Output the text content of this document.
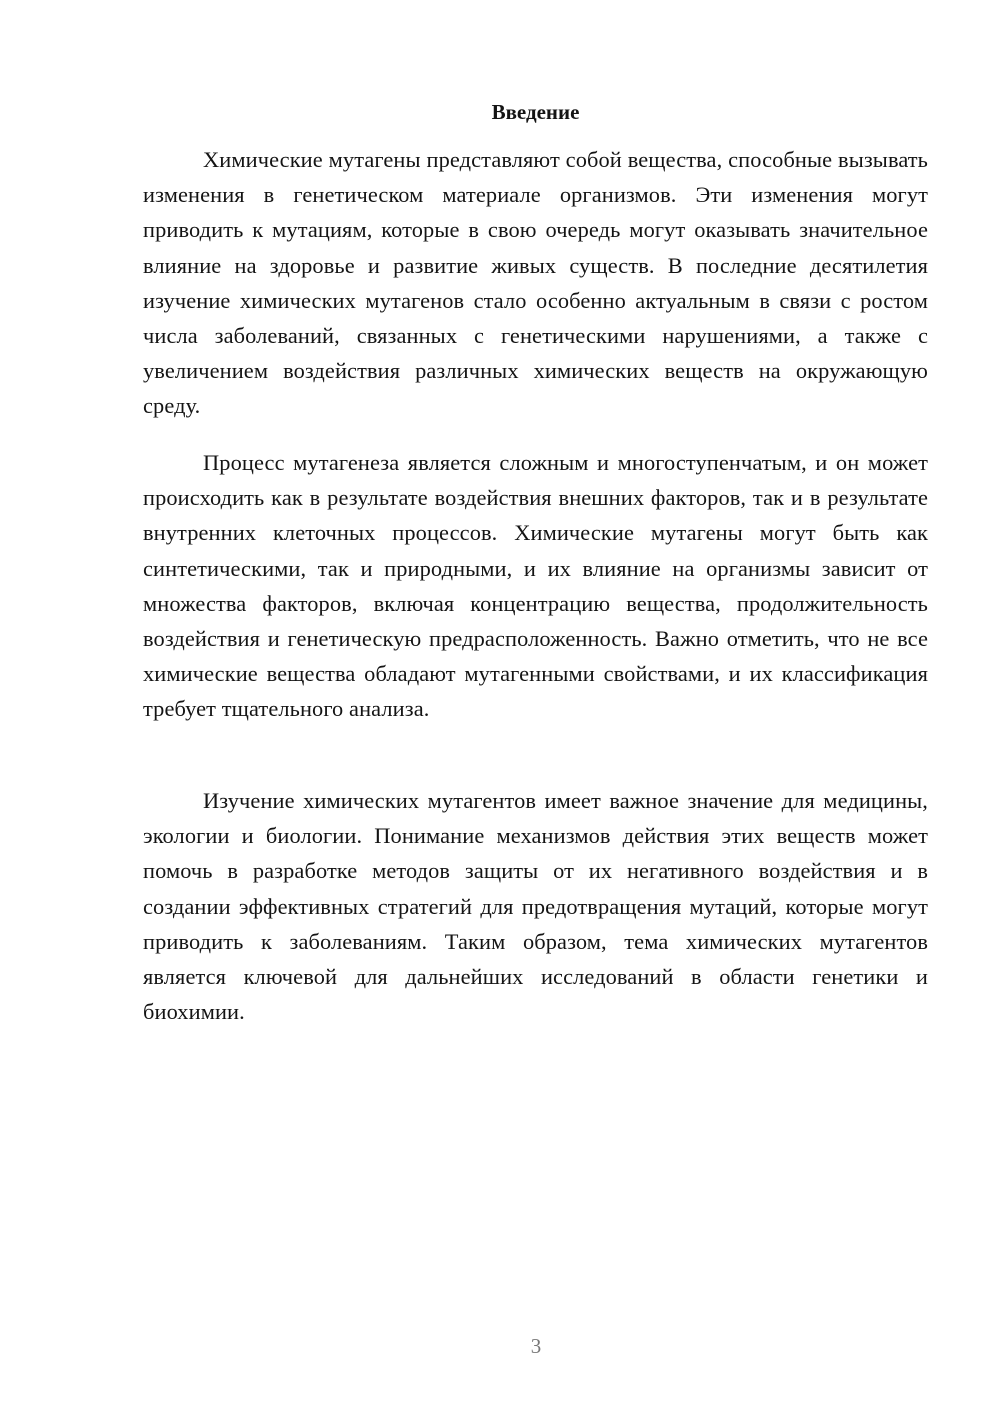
Введение

Химические мутагены представляют собой вещества, способные вызывать изменения в генетическом материале организмов. Эти изменения могут приводить к мутациям, которые в свою очередь могут оказывать значительное влияние на здоровье и развитие живых существ. В последние десятилетия изучение химических мутагенов стало особенно актуальным в связи с ростом числа заболеваний, связанных с генетическими нарушениями, а также с увеличением воздействия различных химических веществ на окружающую среду.

Процесс мутагенеза является сложным и многоступенчатым, и он может происходить как в результате воздействия внешних факторов, так и в результате внутренних клеточных процессов. Химические мутагены могут быть как синтетическими, так и природными, и их влияние на организмы зависит от множества факторов, включая концентрацию вещества, продолжительность воздействия и генетическую предрасположенность. Важно отметить, что не все химические вещества обладают мутагенными свойствами, и их классификация требует тщательного анализа.

Изучение химических мутагентов имеет важное значение для медицины, экологии и биологии. Понимание механизмов действия этих веществ может помочь в разработке методов защиты от их негативного воздействия и в создании эффективных стратегий для предотвращения мутаций, которые могут приводить к заболеваниям. Таким образом, тема химических мутагентов является ключевой для дальнейших исследований в области генетики и биохимии.

3
